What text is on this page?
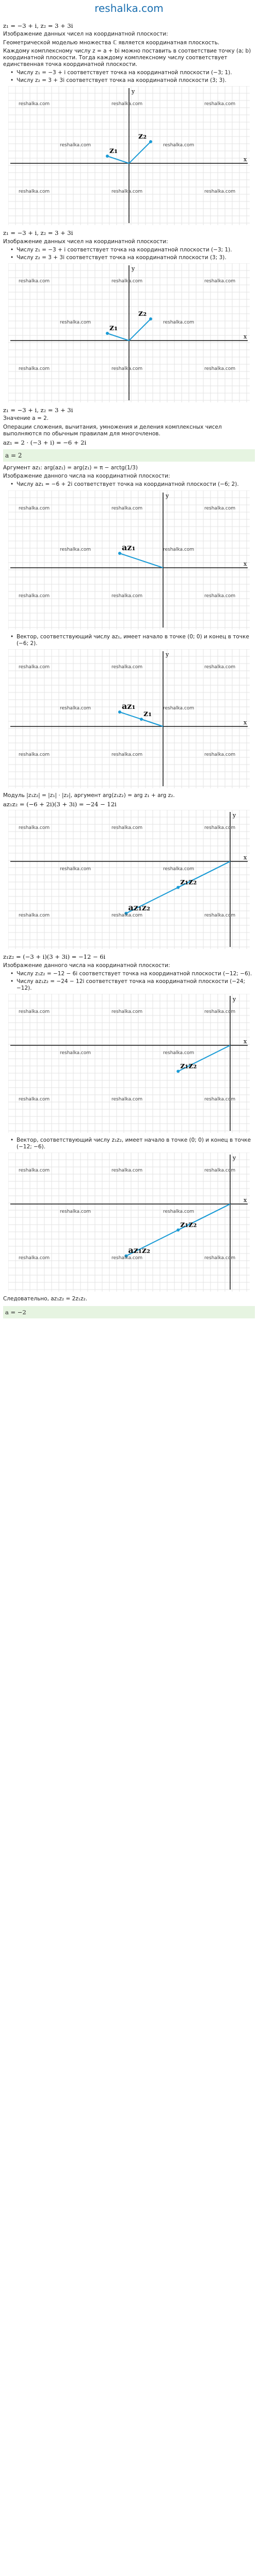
reshalka.com
z₁ = −3 + i, z₂ = 3 + 3i
Изображение данных чисел на координатной плоскости:
Геометрической моделью множества ℂ является координатная плоскость.
Каждому комплексному числу z = a + bi можно поставить в соответствие точку (a; b) координатной плоскости. Тогда каждому комплексному числу соответствует единственная точка координатной плоскости.
• Числу z₁ = −3 + i соответствует точка на координатной плоскости (−3; 1).
• Числу z₂ = 3 + 3i соответствует точка на координатной плоскости (3; 3).
z₁
z₂
x
y
reshalka.com	reshalka.com	reshalka.com
reshalka.com	reshalka.com
reshalka.com	reshalka.com	reshalka.com
z₁ = −3 + i, z₂ = 3 + 3i
Изображение данных чисел на координатной плоскости:
• Числу z₁ = −3 + i соответствует точка на координатной плоскости (−3; 1).
• Числу z₂ = 3 + 3i соответствует точка на координатной плоскости (3; 3).
z₁
z₂
x
y
reshalka.com	reshalka.com	reshalka.com
reshalka.com	reshalka.com
reshalka.com	reshalka.com	reshalka.com
z₁ = −3 + i, z₂ = 3 + 3i
Значение a = 2.
Операции сложения, вычитания, умножения и деления комплексных чисел выполняются по обычным правилам для многочленов.
az₁ = 2 · (−3 + i) = −6 + 2i
a = 2
Аргумент az₁: arg(az₁) = arg(z₁) = π − arctg(1/3)
Изображение данного числа на координатной плоскости:
• Числу az₁ = −6 + 2i соответствует точка на координатной плоскости (−6; 2).
az₁
x
y
reshalka.com	reshalka.com	reshalka.com
reshalka.com	reshalka.com
reshalka.com	reshalka.com	reshalka.com
• Вектор, соответствующий числу az₁, имеет начало в точке (0; 0) и конец в точке (−6; 2).
az₁
z₁
x
y
reshalka.com	reshalka.com	reshalka.com
reshalka.com	reshalka.com
reshalka.com	reshalka.com	reshalka.com
Модуль |z₁z₂| = |z₁| · |z₂|, аргумент arg(z₁z₂) = arg z₁ + arg z₂.
az₁z₂ = (−6 + 2i)(3 + 3i) = −24 − 12i
az₁z₂
z₁z₂
x
y
reshalka.com	reshalka.com	reshalka.com
reshalka.com	reshalka.com
reshalka.com	reshalka.com	reshalka.com
z₁z₂ = (−3 + i)(3 + 3i) = −12 − 6i
Изображение данного числа на координатной плоскости:
• Числу z₁z₂ = −12 − 6i соответствует точка на координатной плоскости (−12; −6).
• Числу az₁z₂ = −24 − 12i соответствует точка на координатной плоскости (−24; −12).
z₁z₂
x
y
reshalka.com	reshalka.com	reshalka.com
reshalka.com	reshalka.com
reshalka.com	reshalka.com	reshalka.com
• Вектор, соответствующий числу z₁z₂, имеет начало в точке (0; 0) и конец в точке (−12; −6).
az₁z₂
z₁z₂
x
y
reshalka.com	reshalka.com	reshalka.com
reshalka.com	reshalka.com
reshalka.com	reshalka.com	reshalka.com
Следовательно, az₁z₂ = 2z₁z₂.
a = −2
